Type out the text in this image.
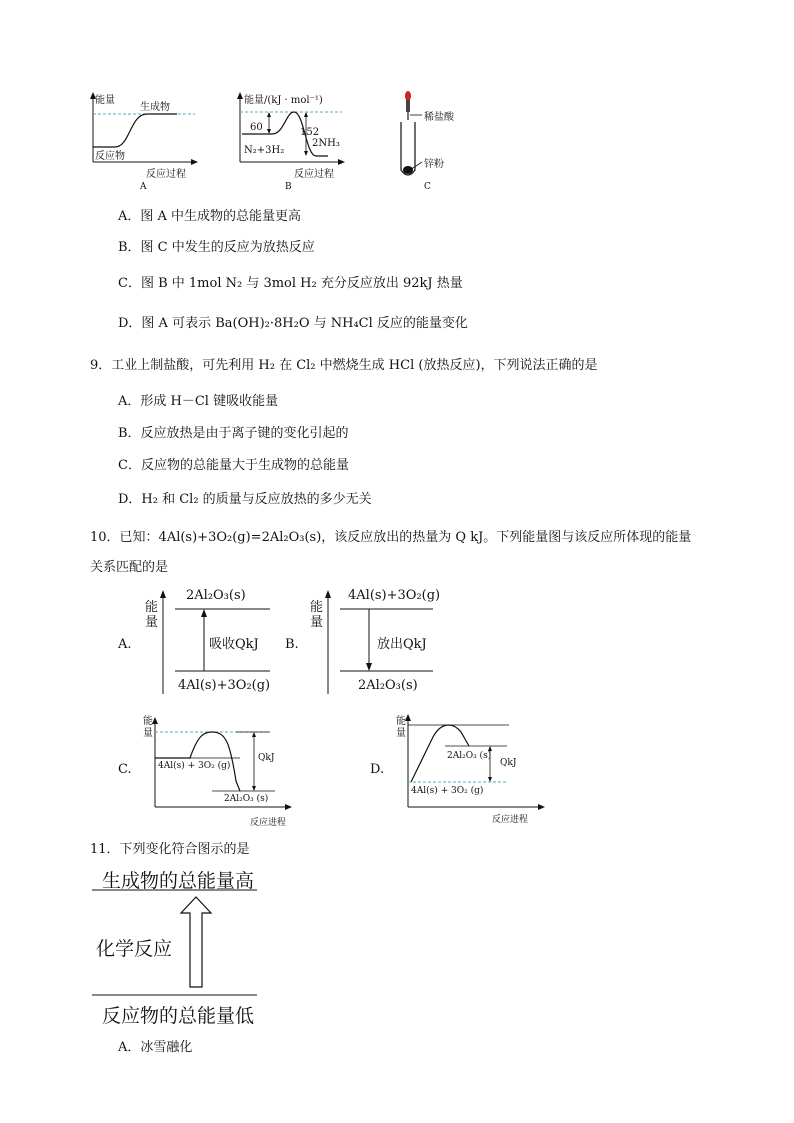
能量
生成物
反应物
反应过程
A
能量/(kJ · mol⁻¹)
60	152
2NH₃
N₂+3H₂
反应过程
B
稀盐酸
锌粉
C
A．图 A 中生成物的总能量更高
B．图 C 中发生的反应为放热反应
C．图 B 中 1mol N₂ 与 3mol H₂ 充分反应放出 92kJ 热量
D．图 A 可表示 Ba(OH)₂·8H₂O 与 NH₄Cl 反应的能量变化
9．工业上制盐酸，可先利用 H₂ 在 Cl₂ 中燃烧生成 HCl (放热反应)，下列说法正确的是
A．形成 H－Cl 键吸收能量
B．反应放热是由于离子键的变化引起的
C．反应物的总能量大于生成物的总能量
D．H₂ 和 Cl₂ 的质量与反应放热的多少无关
10．已知：4Al(s)+3O₂(g)=2Al₂O₃(s)，该反应放出的热量为 Q kJ。下列能量图与该反应所体现的能量
关系匹配的是
A.
能量
2Al₂O₃(s)
吸收QkJ
4Al(s)+3O₂(g)
B.
能量
4Al(s)+3O₂(g)
放出QkJ
2Al₂O₃(s)
C.
能量
4Al(s) + 3O₂ (g)
2Al₂O₃ (s)
QkJ
反应进程
D.
能量
2Al₂O₃ (s)
QkJ
4Al(s) + 3O₂ (g)
反应进程
11．下列变化符合图示的是
生成物的总能量高
化学反应
反应物的总能量低
A．冰雪融化
